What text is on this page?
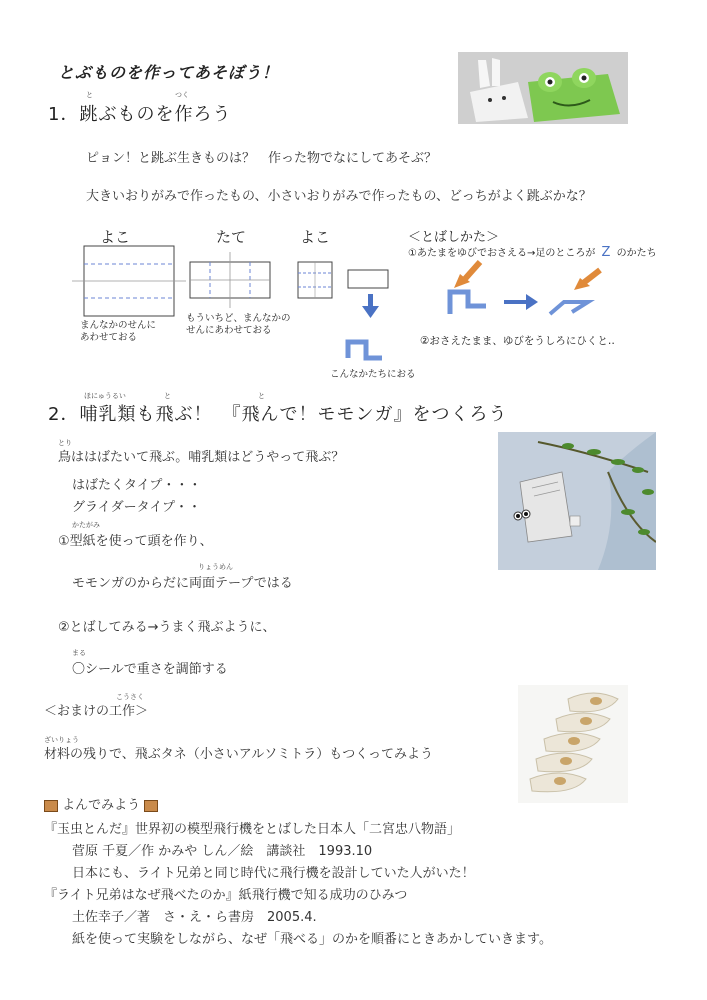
とぶものを作ってあそぼう！
と	つく
1．跳ぶものを作ろう
ピョン！と跳ぶ生きものは？　作った物でなにしてあそぶ？
大きいおりがみで作ったもの、小さいおりがみで作ったもの、どっちがよく跳ぶかな？
よこ	たて	よこ
まんなかのせんに
あわせておる
もういちど、まんなかの
せんにあわせておる
こんなかたちにおる
＜とばしかた＞
①あたまをゆびでおさえる→足のところが Z のかたち
②おさえたまま、ゆびをうしろにひくと‥
ほにゅうるい	と	と
2．哺乳類も飛ぶ！　『飛んで！モモンガ』をつくろう
とり
鳥ははばたいて飛ぶ。哺乳類はどうやって飛ぶ？
はばたくタイプ・・・
グライダータイプ・・
かたがみ
①型紙を使って頭を作り、
りょうめん
モモンガのからだに両面テープではる
②とばしてみる→うまく飛ぶように、
まる
〇シールで重さを調節する
こうさく
＜おまけの工作＞
ざいりょう
材料の残りで、飛ぶタネ（小さいアルソミトラ）もつくってみよう
よんでみよう
『玉虫とんだ』世界初の模型飛行機をとばした日本人「二宮忠八物語」
菅原 千夏／作 かみや しん／絵　講談社　1993.10
日本にも、ライト兄弟と同じ時代に飛行機を設計していた人がいた！
『ライト兄弟はなぜ飛べたのか』紙飛行機で知る成功のひみつ
土佐幸子／著　さ・え・ら書房　2005.4.
紙を使って実験をしながら、なぜ「飛べる」のかを順番にときあかしていきます。
